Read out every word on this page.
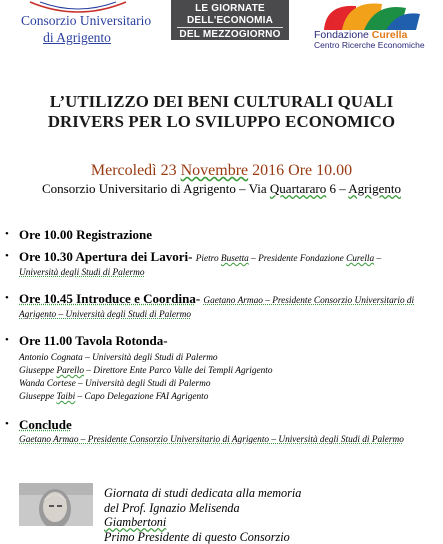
Consorzio Universitario
di Agrigento
LE GIORNATE
DELL'ECONOMIA
DEL MEZZOGIORNO	Fondazione Curella
Centro Ricerche Economiche
L’UTILIZZO DEI BENI CULTURALI QUALI
DRIVERS PER LO SVILUPPO ECONOMICO
Mercoledì 23 Novembre 2016 Ore 10.00
Consorzio Universitario di Agrigento – Via Quartararo 6 – Agrigento
• Ore 10.00 Registrazione
• Ore 10.30 Apertura dei Lavori- Pietro Busetta – Presidente Fondazione Curella –
Università degli Studi di Palermo
• Ore 10.45 Introduce e Coordina- Gaetano Armao – Presidente Consorzio Universitario di
Agrigento – Università degli Studi di Palermo
• Ore 11.00 Tavola Rotonda-
Antonio Cognata – Università degli Studi di Palermo
Giuseppe Parello – Direttore Ente Parco Valle dei Templi Agrigento
Wanda Cortese – Università degli Studi di Palermo
Giuseppe Taibi – Capo Delegazione FAI Agrigento
• Conclude
Gaetano Armao – Presidente Consorzio Universitario di Agrigento – Università degli Studi di Palermo
Giornata di studi dedicata alla memoria
del Prof. Ignazio Melisenda
Giambertoni
Primo Presidente di questo Consorzio
